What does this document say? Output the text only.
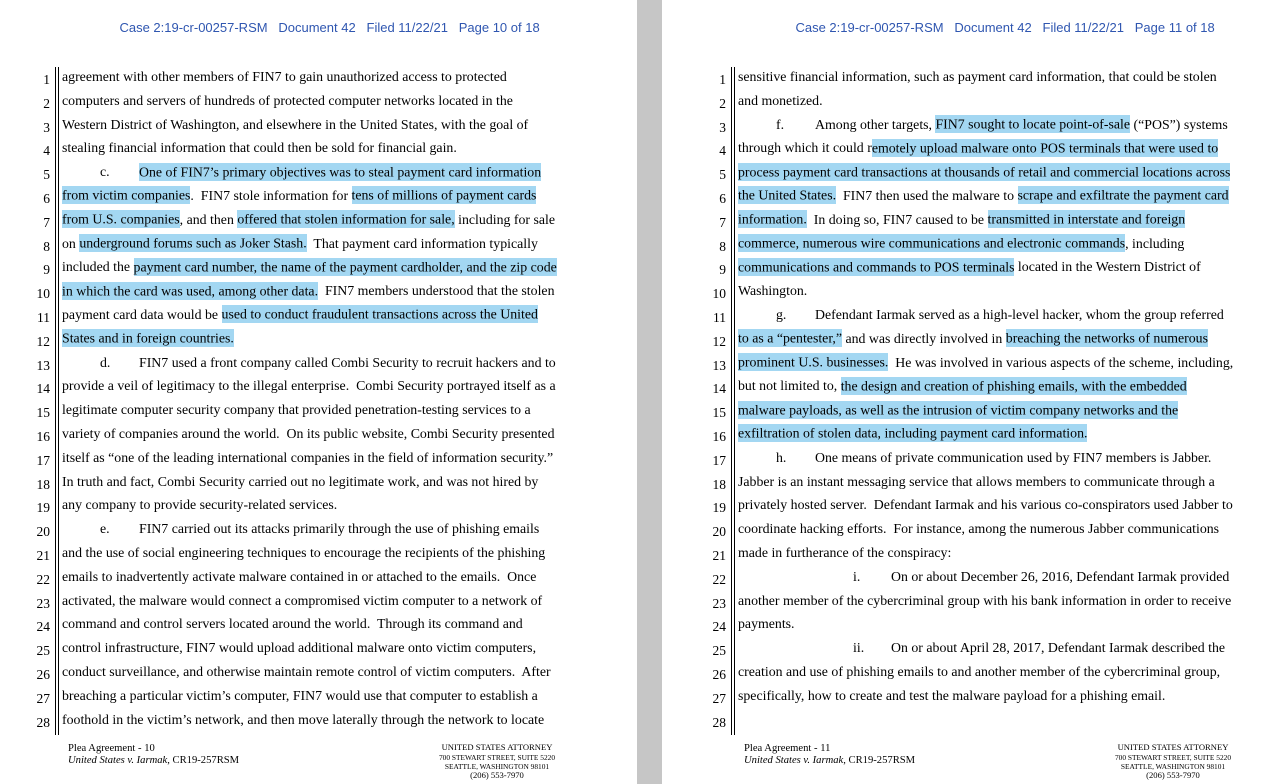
Case 2:19-cr-00257-RSM Document 42 Filed 11/22/21 Page 10 of 18

1 agreement with other members of FIN7 to gain unauthorized access to protected
2 computers and servers of hundreds of protected computer networks located in the
3 Western District of Washington, and elsewhere in the United States, with the goal of
4 stealing financial information that could then be sold for financial gain.
5	c. One of FIN7’s primary objectives was to steal payment card information
6 from victim companies.  FIN7 stole information for tens of millions of payment cards
7 from U.S. companies, and then offered that stolen information for sale, including for sale
8 on underground forums such as Joker Stash.  That payment card information typically
9 included the payment card number, the name of the payment cardholder, and the zip code
10 in which the card was used, among other data.  FIN7 members understood that the stolen
11 payment card data would be used to conduct fraudulent transactions across the United
12 States and in foreign countries.
13	d. FIN7 used a front company called Combi Security to recruit hackers and to
14 provide a veil of legitimacy to the illegal enterprise.  Combi Security portrayed itself as a
15 legitimate computer security company that provided penetration-testing services to a
16 variety of companies around the world.  On its public website, Combi Security presented
17 itself as “one of the leading international companies in the field of information security.”
18 In truth and fact, Combi Security carried out no legitimate work, and was not hired by
19 any company to provide security-related services.
20	e. FIN7 carried out its attacks primarily through the use of phishing emails
21 and the use of social engineering techniques to encourage the recipients of the phishing
22 emails to inadvertently activate malware contained in or attached to the emails.  Once
23 activated, the malware would connect a compromised victim computer to a network of
24 command and control servers located around the world.  Through its command and
25 control infrastructure, FIN7 would upload additional malware onto victim computers,
26 conduct surveillance, and otherwise maintain remote control of victim computers.  After
27 breaching a particular victim’s computer, FIN7 would use that computer to establish a
28 foothold in the victim’s network, and then move laterally through the network to locate
Plea Agreement - 10
United States v. Iarmak, CR19-257RSM
UNITED STATES ATTORNEY
700 STEWART STREET, SUITE 5220
SEATTLE, WASHINGTON 98101
(206) 553-7970

Case 2:19-cr-00257-RSM Document 42 Filed 11/22/21 Page 11 of 18

1 sensitive financial information, such as payment card information, that could be stolen
2 and monetized.
3	f. Among other targets, FIN7 sought to locate point-of-sale (“POS”) systems
4 through which it could remotely upload malware onto POS terminals that were used to
5 process payment card transactions at thousands of retail and commercial locations across
6 the United States.  FIN7 then used the malware to scrape and exfiltrate the payment card
7 information.  In doing so, FIN7 caused to be transmitted in interstate and foreign
8 commerce, numerous wire communications and electronic commands, including
9 communications and commands to POS terminals located in the Western District of
10 Washington.
11	g. Defendant Iarmak served as a high-level hacker, whom the group referred
12 to as a “pentester,” and was directly involved in breaching the networks of numerous
13 prominent U.S. businesses.  He was involved in various aspects of the scheme, including,
14 but not limited to, the design and creation of phishing emails, with the embedded
15 malware payloads, as well as the intrusion of victim company networks and the
16 exfiltration of stolen data, including payment card information.
17	h. One means of private communication used by FIN7 members is Jabber.
18 Jabber is an instant messaging service that allows members to communicate through a
19 privately hosted server.  Defendant Iarmak and his various co-conspirators used Jabber to
20 coordinate hacking efforts.  For instance, among the numerous Jabber communications
21 made in furtherance of the conspiracy:
22	i. On or about December 26, 2016, Defendant Iarmak provided
23 another member of the cybercriminal group with his bank information in order to receive
24 payments.
25	ii. On or about April 28, 2017, Defendant Iarmak described the
26 creation and use of phishing emails to and another member of the cybercriminal group,
27 specifically, how to create and test the malware payload for a phishing email.
28
Plea Agreement - 11
United States v. Iarmak, CR19-257RSM
UNITED STATES ATTORNEY
700 STEWART STREET, SUITE 5220
SEATTLE, WASHINGTON 98101
(206) 553-7970
